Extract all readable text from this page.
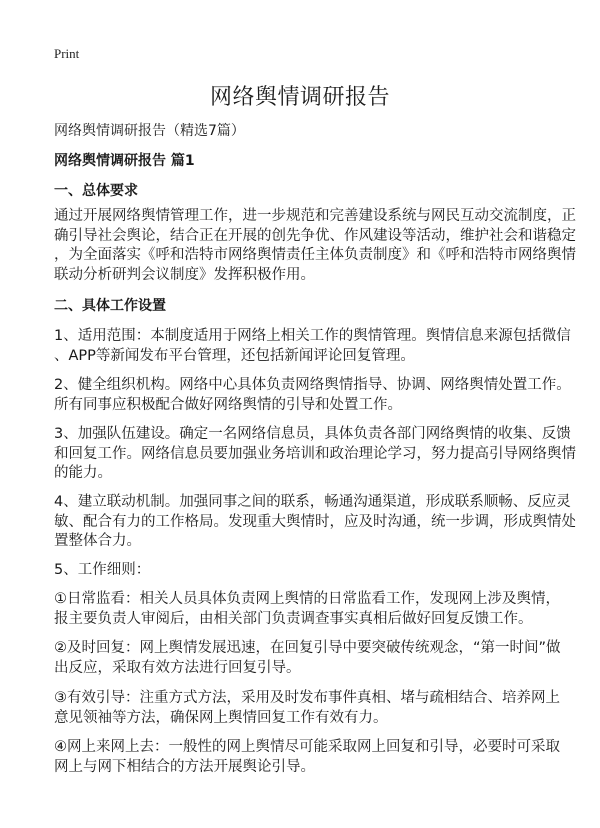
Print
网络舆情调研报告
网络舆情调研报告（精选7篇）
网络舆情调研报告 篇1
一、总体要求
通过开展网络舆情管理工作，进一步规范和完善建设系统与网民互动交流制度，正
确引导社会舆论，结合正在开展的创先争优、作风建设等活动，维护社会和谐稳定
，为全面落实《呼和浩特市网络舆情责任主体负责制度》和《呼和浩特市网络舆情
联动分析研判会议制度》发挥积极作用。
二、具体工作设置
1、适用范围：本制度适用于网络上相关工作的舆情管理。舆情信息来源包括微信
、APP等新闻发布平台管理，还包括新闻评论回复管理。
2、健全组织机构。网络中心具体负责网络舆情指导、协调、网络舆情处置工作。
所有同事应积极配合做好网络舆情的引导和处置工作。
3、加强队伍建设。确定一名网络信息员，具体负责各部门网络舆情的收集、反馈
和回复工作。网络信息员要加强业务培训和政治理论学习，努力提高引导网络舆情
的能力。
4、建立联动机制。加强同事之间的联系，畅通沟通渠道，形成联系顺畅、反应灵
敏、配合有力的工作格局。发现重大舆情时，应及时沟通，统一步调，形成舆情处
置整体合力。
5、工作细则：
①日常监看：相关人员具体负责网上舆情的日常监看工作，发现网上涉及舆情，
报主要负责人审阅后，由相关部门负责调查事实真相后做好回复反馈工作。
②及时回复：网上舆情发展迅速，在回复引导中要突破传统观念，“第一时间”做
出反应，采取有效方法进行回复引导。
③有效引导：注重方式方法，采用及时发布事件真相、堵与疏相结合、培养网上
意见领袖等方法，确保网上舆情回复工作有效有力。
④网上来网上去：一般性的网上舆情尽可能采取网上回复和引导，必要时可采取
网上与网下相结合的方法开展舆论引导。
